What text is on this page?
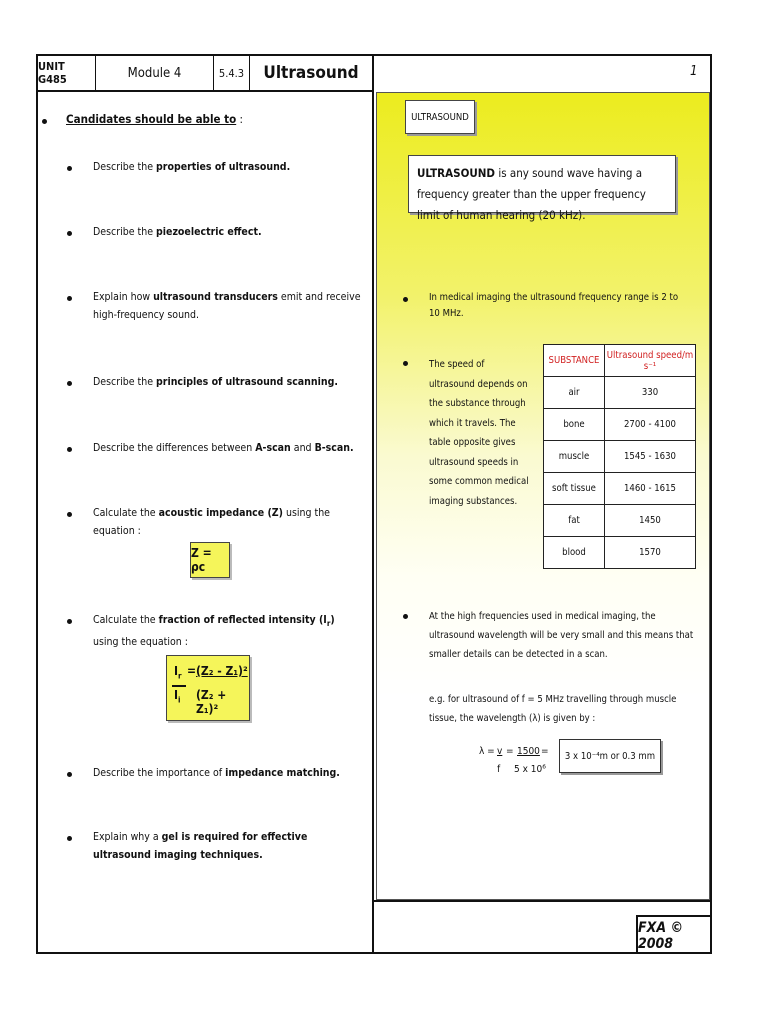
UNIT G485	Module 4	5.4.3	Ultrasound	1
Candidates should be able to :
Describe the properties of ultrasound.
Describe the piezoelectric effect.
Explain how ultrasound transducers emit and receive high-frequency sound.
Describe the principles of ultrasound scanning.
Describe the differences between A-scan and B-scan.
Calculate the acoustic impedance (Z) using the equation :
Z = ρc
Calculate the fraction of reflected intensity $(I_r)$ using the equation :
$I_r$
$I_i$
= (Z₂ - Z₁)²
(Z₂ + Z₁)²
Describe the importance of impedance matching.
Explain why a gel is required for effective ultrasound imaging techniques.
ULTRASOUND
ULTRASOUND is any sound wave having a frequency greater than the upper frequency limit of human hearing (20 kHz).
In medical imaging the ultrasound frequency range is 2 to 10 MHz.
The speed of ultrasound depends on the substance through which it travels. The table opposite gives ultrasound speeds in some common medical imaging substances.
SUBSTANCE	Ultrasound speed/m s⁻¹
air	330
bone	2700 - 4100
muscle	1545 - 1630
soft tissue	1460 - 1615
fat	1450
blood	1570
At the high frequencies used in medical imaging, the ultrasound wavelength will be very small and this means that smaller details can be detected in a scan.
e.g. for ultrasound of f = 5 MHz travelling through muscle tissue, the wavelength (λ) is given by :
λ = v
f
= 1500
5 x 10⁶
=	3 x 10⁻⁴m or 0.3 mm
FXA © 2008
